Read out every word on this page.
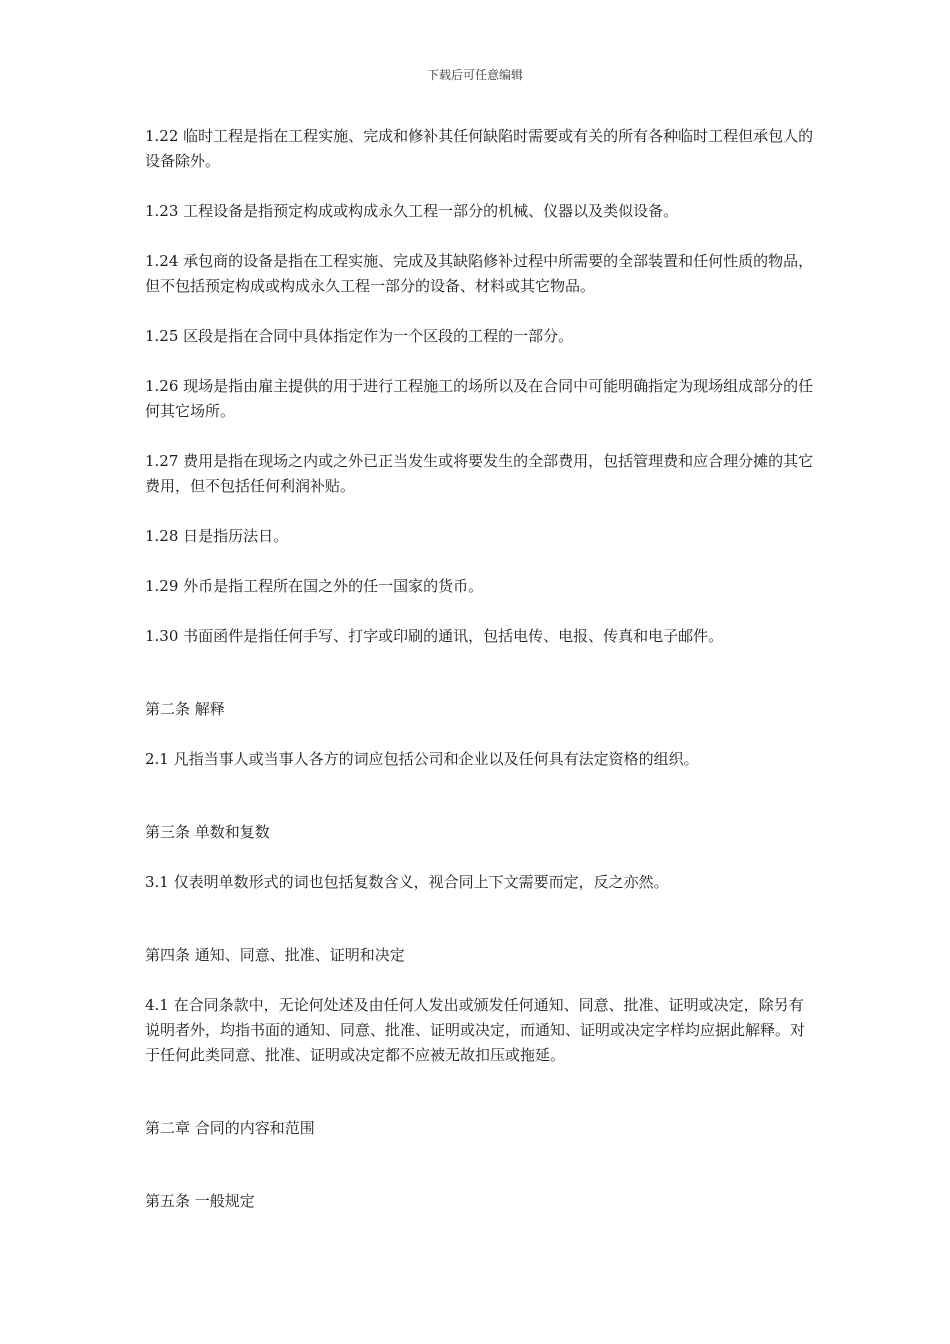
下载后可任意编辑

1.22 临时工程是指在工程实施、完成和修补其任何缺陷时需要或有关的所有各种临时工程但承包人的设备除外。

1.23 工程设备是指预定构成或构成永久工程一部分的机械、仪器以及类似设备。

1.24 承包商的设备是指在工程实施、完成及其缺陷修补过程中所需要的全部装置和任何性质的物品，但不包括预定构成或构成永久工程一部分的设备、材料或其它物品。

1.25 区段是指在合同中具体指定作为一个区段的工程的一部分。

1.26 现场是指由雇主提供的用于进行工程施工的场所以及在合同中可能明确指定为现场组成部分的任何其它场所。

1.27 费用是指在现场之内或之外已正当发生或将要发生的全部费用，包括管理费和应合理分摊的其它费用，但不包括任何利润补贴。

1.28 日是指历法日。

1.29 外币是指工程所在国之外的任一国家的货币。

1.30 书面函件是指任何手写、打字或印刷的通讯，包括电传、电报、传真和电子邮件。

第二条 解释

2.1 凡指当事人或当事人各方的词应包括公司和企业以及任何具有法定资格的组织。

第三条 单数和复数

3.1 仅表明单数形式的词也包括复数含义，视合同上下文需要而定，反之亦然。

第四条 通知、同意、批准、证明和决定

4.1 在合同条款中，无论何处述及由任何人发出或颁发任何通知、同意、批准、证明或决定，除另有说明者外，均指书面的通知、同意、批准、证明或决定，而通知、证明或决定字样均应据此解释。对于任何此类同意、批准、证明或决定都不应被无故扣压或拖延。

第二章 合同的内容和范围

第五条 一般规定
